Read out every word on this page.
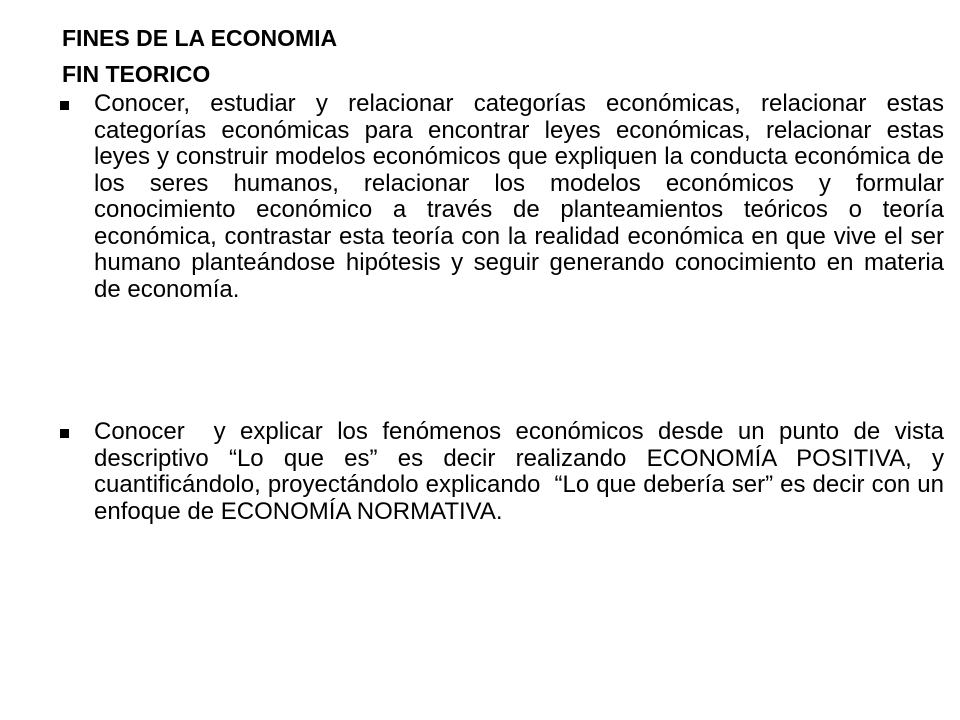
FINES DE LA ECONOMIA
FIN TEORICO
Conocer, estudiar y relacionar categorías económicas, relacionar estas categorías económicas para encontrar leyes económicas, relacionar estas leyes y construir modelos económicos que expliquen la conducta económica de los seres humanos, relacionar los modelos económicos y formular conocimiento económico a través de planteamientos teóricos o teoría económica, contrastar esta teoría con la realidad económica en que vive el ser humano planteándose hipótesis y seguir generando conocimiento en materia de economía.
Conocer  y explicar los fenómenos económicos desde un punto de vista  descriptivo “Lo que es” es decir realizando ECONOMÍA POSITIVA, y cuantificándolo, proyectándolo explicando  “Lo que debería ser” es decir con un enfoque de ECONOMÍA NORMATIVA.
